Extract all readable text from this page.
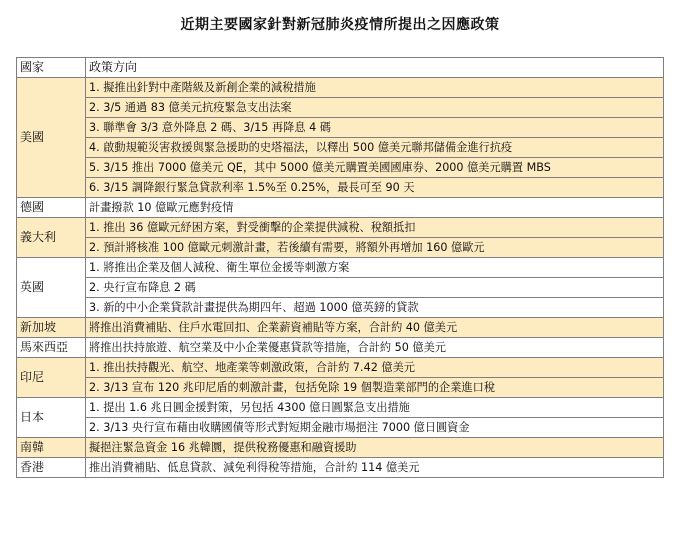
近期主要國家針對新冠肺炎疫情所提出之因應政策
國家	政策方向
美國	1. 擬推出針對中產階級及新創企業的減稅措施
	2. 3/5 通過 83 億美元抗疫緊急支出法案
	3. 聯準會 3/3 意外降息 2 碼、3/15 再降息 4 碼
	4. 啟動規範災害救援與緊急援助的史塔福法，以釋出 500 億美元聯邦儲備金進行抗疫
	5. 3/15 推出 7000 億美元 QE，其中 5000 億美元購置美國國庫券、2000 億美元購置 MBS
	6. 3/15 調降銀行緊急貸款利率 1.5%至 0.25%，最長可至 90 天
德國	計畫撥款 10 億歐元應對疫情
義大利	1. 推出 36 億歐元紓困方案，對受衝擊的企業提供減稅、稅額抵扣
	2. 預計將核准 100 億歐元刺激計畫，若後續有需要，將額外再增加 160 億歐元
英國	1. 將推出企業及個人減稅、衛生單位金援等刺激方案
	2. 央行宣布降息 2 碼
	3. 新的中小企業貸款計畫提供為期四年、超過 1000 億英鎊的貸款
新加坡	將推出消費補貼、住戶水電回扣、企業薪資補貼等方案，合計約 40 億美元
馬來西亞	將推出扶持旅遊、航空業及中小企業優惠貸款等措施，合計約 50 億美元
印尼	1. 推出扶持觀光、航空、地產業等刺激政策，合計約 7.42 億美元
	2. 3/13 宣布 120 兆印尼盾的刺激計畫，包括免除 19 個製造業部門的企業進口稅
日本	1. 提出 1.6 兆日圓金援對策，另包括 4300 億日圓緊急支出措施
	2. 3/13 央行宣布藉由收購國債等形式對短期金融市場挹注 7000 億日圓資金
南韓	擬挹注緊急資金 16 兆韓圜，提供稅務優惠和融資援助
香港	推出消費補貼、低息貸款、減免利得稅等措施，合計約 114 億美元
